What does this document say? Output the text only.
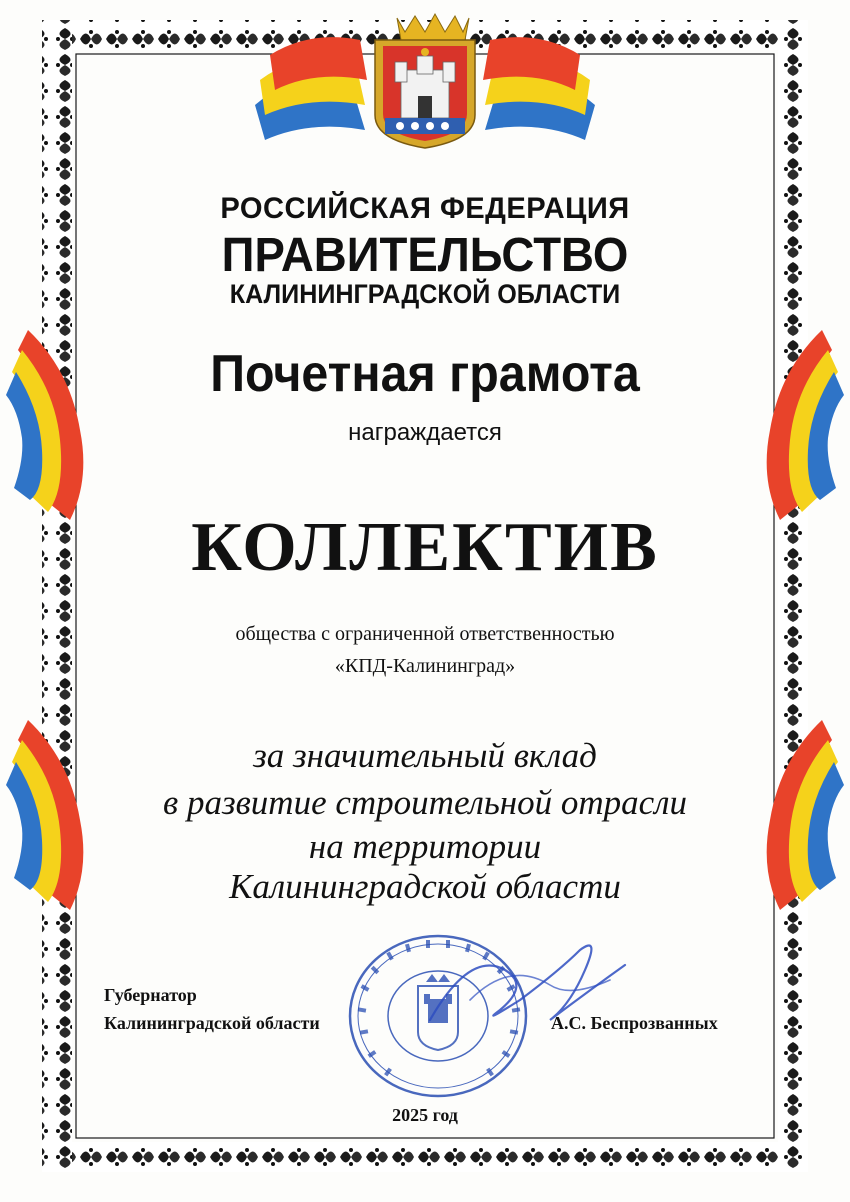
РОССИЙСКАЯ ФЕДЕРАЦИЯ
ПРАВИТЕЛЬСТВО
КАЛИНИНГРАДСКОЙ ОБЛАСТИ
Почетная грамота
награждается
КОЛЛЕКТИВ
общества с ограниченной ответственностью
«КПД-Калининград»
за значительный вклад
в развитие строительной отрасли
на территории
Калининградской области
Губернатор
Калининградской области	А.С. Беспрозванных
2025 год
